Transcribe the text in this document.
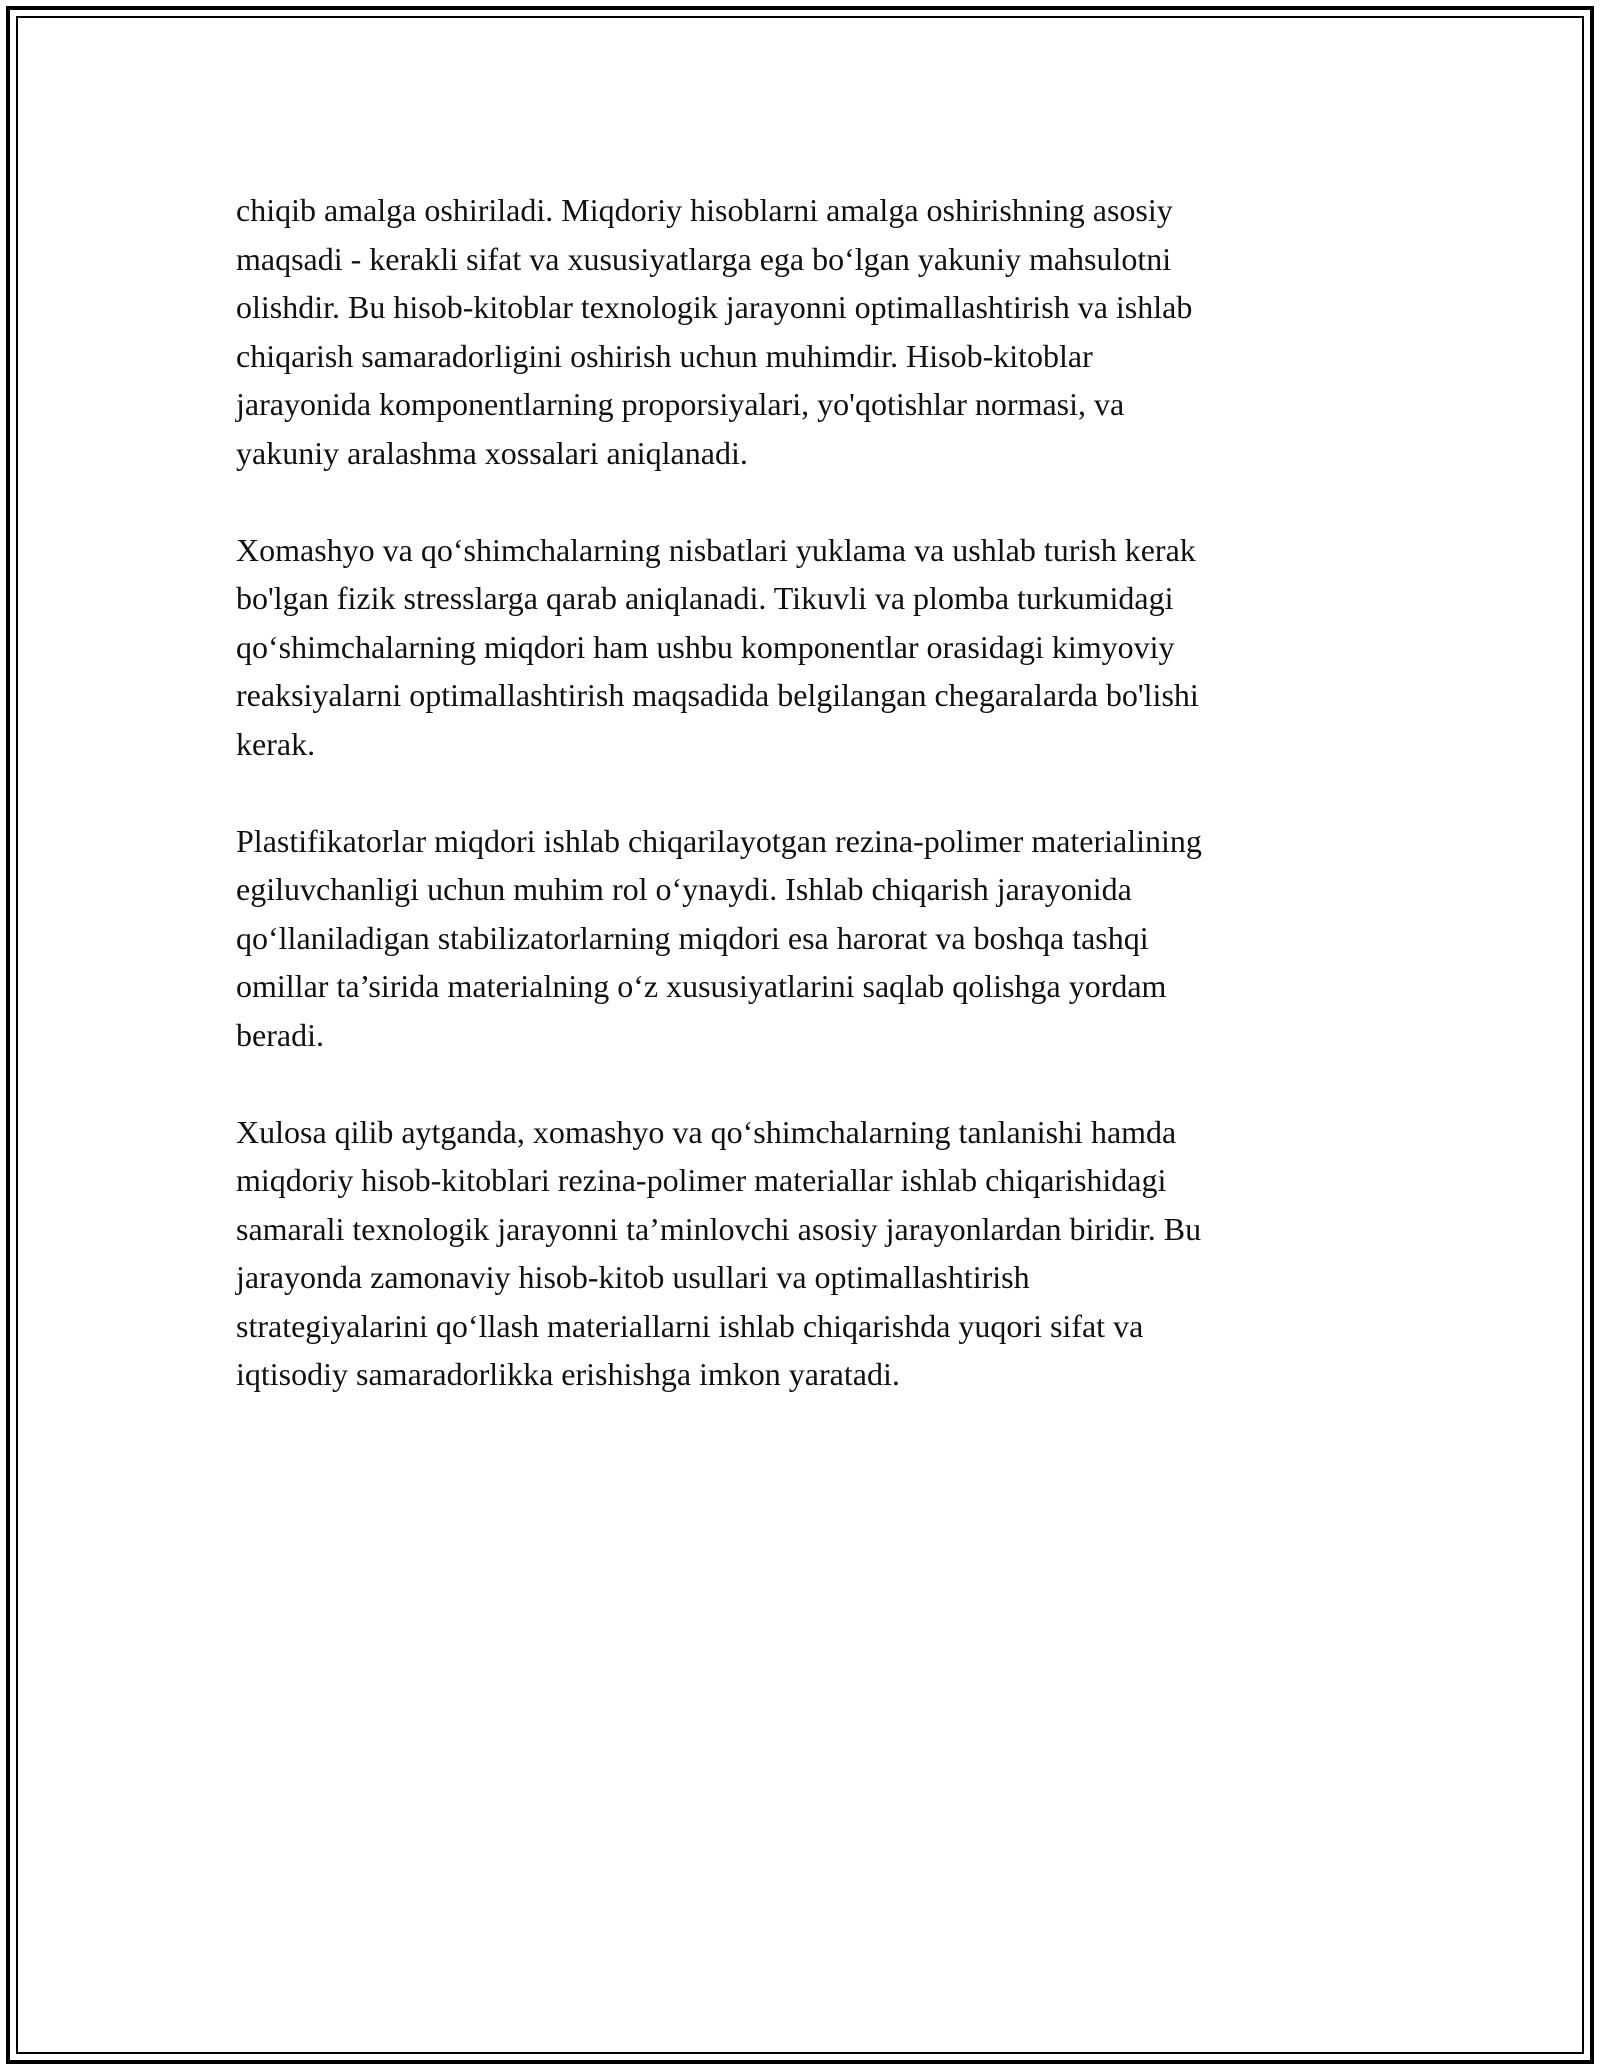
chiqib amalga oshiriladi. Miqdoriy hisoblarni amalga oshirishning asosiy
maqsadi - kerakli sifat va xususiyatlarga ega bo‘lgan yakuniy mahsulotni
olishdir. Bu hisob-kitoblar texnologik jarayonni optimallashtirish va ishlab
chiqarish samaradorligini oshirish uchun muhimdir. Hisob-kitoblar
jarayonida komponentlarning proporsiyalari, yo'qotishlar normasi, va
yakuniy aralashma xossalari aniqlanadi.

Xomashyo va qo‘shimchalarning nisbatlari yuklama va ushlab turish kerak
bo'lgan fizik stresslarga qarab aniqlanadi. Tikuvli va plomba turkumidagi
qo‘shimchalarning miqdori ham ushbu komponentlar orasidagi kimyoviy
reaksiyalarni optimallashtirish maqsadida belgilangan chegaralarda bo'lishi
kerak.

Plastifikatorlar miqdori ishlab chiqarilayotgan rezina-polimer materialining
egiluvchanligi uchun muhim rol o‘ynaydi. Ishlab chiqarish jarayonida
qo‘llaniladigan stabilizatorlarning miqdori esa harorat va boshqa tashqi
omillar ta’sirida materialning o‘z xususiyatlarini saqlab qolishga yordam
beradi.

Xulosa qilib aytganda, xomashyo va qo‘shimchalarning tanlanishi hamda
miqdoriy hisob-kitoblari rezina-polimer materiallar ishlab chiqarishidagi
samarali texnologik jarayonni ta’minlovchi asosiy jarayonlardan biridir. Bu
jarayonda zamonaviy hisob-kitob usullari va optimallashtirish
strategiyalarini qo‘llash materiallarni ishlab chiqarishda yuqori sifat va
iqtisodiy samaradorlikka erishishga imkon yaratadi.
